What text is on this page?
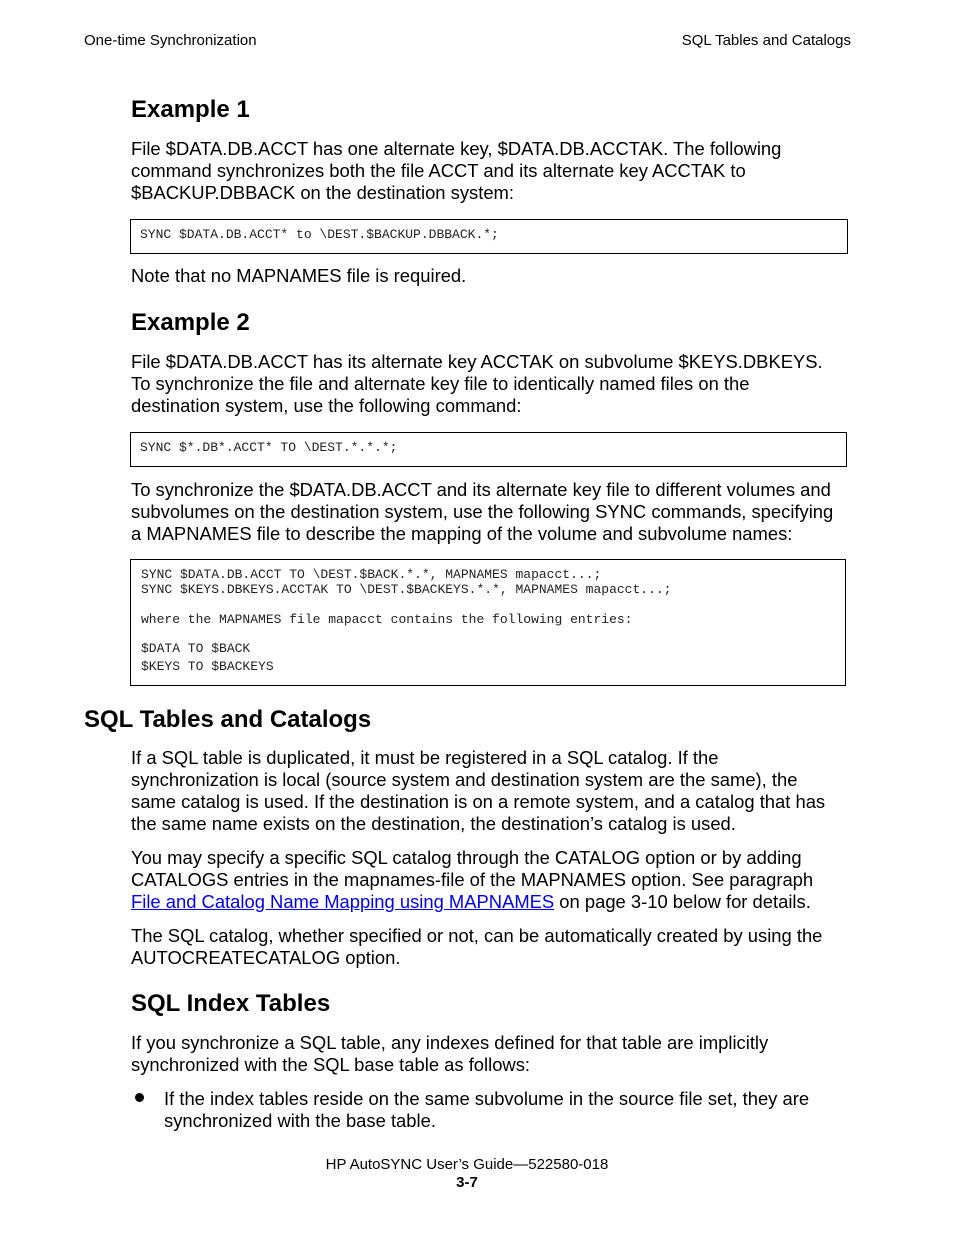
One-time Synchronization	SQL Tables and Catalogs
Example 1
File $DATA.DB.ACCT has one alternate key, $DATA.DB.ACCTAK. The following
command synchronizes both the file ACCT and its alternate key ACCTAK to
$BACKUP.DBBACK on the destination system:
SYNC $DATA.DB.ACCT* to \DEST.$BACKUP.DBBACK.*;
Note that no MAPNAMES file is required.
Example 2
File $DATA.DB.ACCT has its alternate key ACCTAK on subvolume $KEYS.DBKEYS.
To synchronize the file and alternate key file to identically named files on the
destination system, use the following command:
SYNC $*.DB*.ACCT* TO \DEST.*.*.*;
To synchronize the $DATA.DB.ACCT and its alternate key file to different volumes and
subvolumes on the destination system, use the following SYNC commands, specifying
a MAPNAMES file to describe the mapping of the volume and subvolume names:
SYNC $DATA.DB.ACCT TO \DEST.$BACK.*.*, MAPNAMES mapacct...;
SYNC $KEYS.DBKEYS.ACCTAK TO \DEST.$BACKEYS.*.*, MAPNAMES mapacct...;
where the MAPNAMES file mapacct contains the following entries:
$DATA TO $BACK
$KEYS TO $BACKEYS
SQL Tables and Catalogs
If a SQL table is duplicated, it must be registered in a SQL catalog. If the
synchronization is local (source system and destination system are the same), the
same catalog is used. If the destination is on a remote system, and a catalog that has
the same name exists on the destination, the destination’s catalog is used.
You may specify a specific SQL catalog through the CATALOG option or by adding
CATALOGS entries in the mapnames-file of the MAPNAMES option. See paragraph
File and Catalog Name Mapping using MAPNAMES on page 3-10 below for details.
The SQL catalog, whether specified or not, can be automatically created by using the
AUTOCREATECATALOG option.
SQL Index Tables
If you synchronize a SQL table, any indexes defined for that table are implicitly
synchronized with the SQL base table as follows:
If the index tables reside on the same subvolume in the source file set, they are
synchronized with the base table.
HP AutoSYNC User’s Guide—522580-018
3-7
